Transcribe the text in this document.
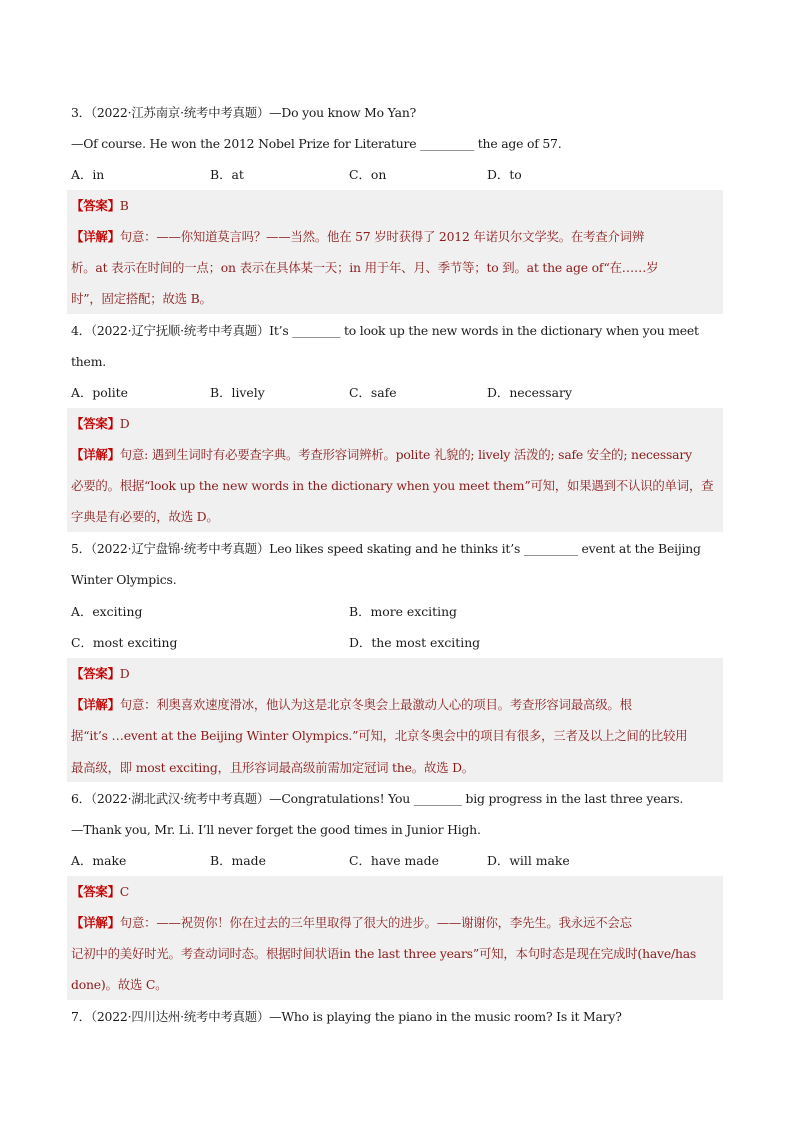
3．（2022·江苏南京·统考中考真题）—Do you know Mo Yan?
—Of course. He won the 2012 Nobel Prize for Literature _________ the age of 57.
A．in	B．at	C．on	D．to
【答案】B
【详解】句意：——你知道莫言吗？——当然。他在 57 岁时获得了 2012 年诺贝尔文学奖。在考查介词辨
析。at 表示在时间的一点；on 表示在具体某一天；in 用于年、月、季节等；to 到。at the age of“在……岁
时”，固定搭配；故选 B。
4．（2022·辽宁抚顺·统考中考真题）It’s ________ to look up the new words in the dictionary when you meet
them.
A．polite	B．lively	C．safe	D．necessary
【答案】D
【详解】句意: 遇到生词时有必要查字典。考查形容词辨析。polite 礼貌的; lively 活泼的; safe 安全的; necessary
必要的。根据“look up the new words in the dictionary when you meet them”可知，如果遇到不认识的单词，查
字典是有必要的，故选 D。
5．（2022·辽宁盘锦·统考中考真题）Leo likes speed skating and he thinks it’s _________ event at the Beijing
Winter Olympics.
A．exciting	B．more exciting
C．most exciting	D．the most exciting
【答案】D
【详解】句意：利奥喜欢速度滑冰，他认为这是北京冬奥会上最激动人心的项目。考查形容词最高级。根
据“it’s …event at the Beijing Winter Olympics.”可知，北京冬奥会中的项目有很多，三者及以上之间的比较用
最高级，即 most exciting，且形容词最高级前需加定冠词 the。故选 D。
6．（2022·湖北武汉·统考中考真题）—Congratulations! You ________ big progress in the last three years.
—Thank you, Mr. Li. I’ll never forget the good times in Junior High.
A．make	B．made	C．have made	D．will make
【答案】C
【详解】句意：——祝贺你！你在过去的三年里取得了很大的进步。——谢谢你，李先生。我永远不会忘
记初中的美好时光。考查动词时态。根据时间状语in the last three years”可知，本句时态是现在完成时(have/has
done)。故选 C。
7．（2022·四川达州·统考中考真题）—Who is playing the piano in the music room? Is it Mary?
